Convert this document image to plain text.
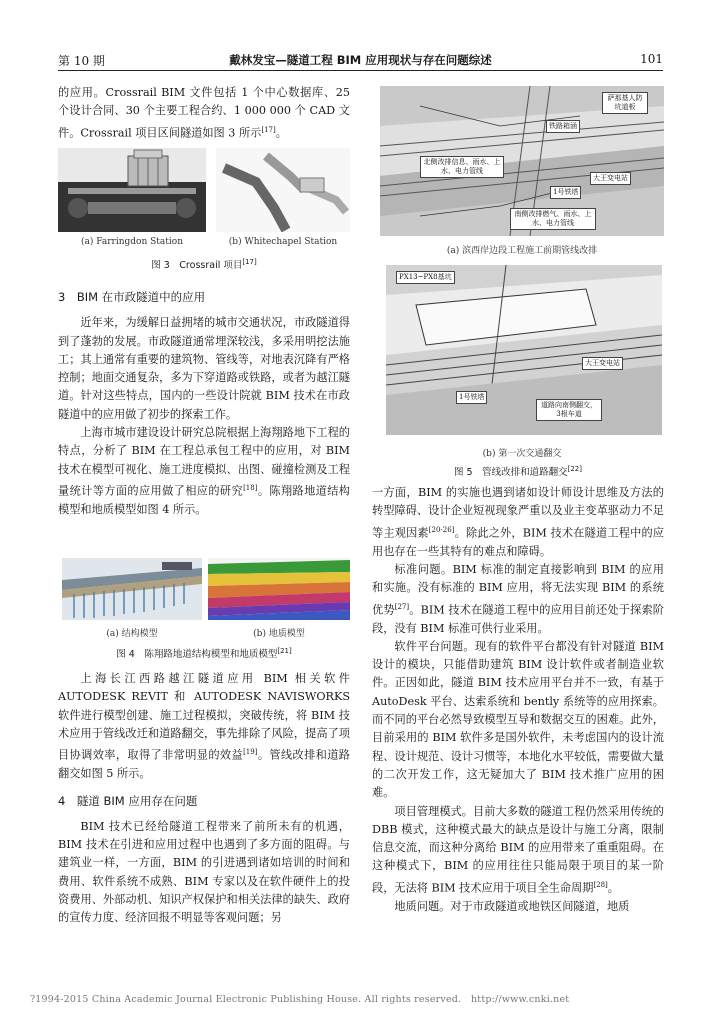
第 10 期	戴林发宝—隧道工程 BIM 应用现状与存在问题综述	101

的应用。Crossrail BIM 文件包括 1 个中心数据库、25 个设计合同、30 个主要工程合约、1 000 000 个 CAD 文件。Crossrail 项目区间隧道如图 3 所示[17]。

(a) Farringdon Station	(b) Whitechapel Station
图 3　Crossrail 项目[17]

3　BIM 在市政隧道中的应用

近年来，为缓解日益拥堵的城市交通状况，市政隧道得到了蓬勃的发展。市政隧道通常埋深较浅，多采用明挖法施工；其上通常有重要的建筑物、管线等，对地表沉降有严格控制；地面交通复杂，多为下穿道路或铁路，或者为越江隧道。针对这些特点，国内的一些设计院就 BIM 技术在市政隧道中的应用做了初步的探索工作。

上海市城市建设设计研究总院根据上海翔路地下工程的特点，分析了 BIM 在工程总承包工程中的应用，对 BIM 技术在模型可视化、施工进度模拟、出图、碰撞检测及工程量统计等方面的应用做了相应的研究[18]。陈翔路地道结构模型和地质模型如图 4 所示。

(a) 结构模型	(b) 地质模型
图 4　陈翔路地道结构模型和地质模型[21]

上海长江西路越江隧道应用 BIM 相关软件 AUTODESK REVIT 和 AUTODESK NAVISWORKS 软件进行模型创建、施工过程模拟，突破传统，将 BIM 技术应用于管线改迁和道路翻交，事先排除了风险，提高了项目协调效率，取得了非常明显的效益[19]。管线改排和道路翻交如图 5 所示。

4　隧道 BIM 应用存在问题

BIM 技术已经给隧道工程带来了前所未有的机遇，BIM 技术在引进和应用过程中也遇到了多方面的阻碍。与建筑业一样，一方面，BIM 的引进遇到诸如培训的时间和费用、软件系统不成熟、BIM 专家以及在软件硬件上的投资费用、外部动机、知识产权保护和相关法律的缺失、政府的宣传力度、经济回报不明显等客观问题；另

铁路箱涵
北侧改排信息、雨水、上水、电力管线
1号铁塔
南侧改排燃气、雨水、上水、电力管线
大王变电站
萨那基人防
坑道板
(a) 滨西岸边段工程施工前期管线改排
PX13~PX8基坑
大王变电站
1号铁塔
道路向南侧翻交，3根车道
(b) 第一次交通翻交
图 5　管线改排和道路翻交[22]

一方面，BIM 的实施也遇到诸如设计师设计思维及方法的转型障碍、设计企业短视现象严重以及业主变革驱动力不足等主观因素[20-26]。除此之外，BIM 技术在隧道工程中的应用也存在一些其特有的难点和障碍。

标准问题。BIM 标准的制定直接影响到 BIM 的应用和实施。没有标准的 BIM 应用，将无法实现 BIM 的系统优势[27]。BIM 技术在隧道工程中的应用目前还处于探索阶段，没有 BIM 标准可供行业采用。

软件平台问题。现有的软件平台都没有针对隧道 BIM 设计的模块，只能借助建筑 BIM 设计软件或者制造业软件。正因如此，隧道 BIM 技术应用平台并不一致，有基于 AutoDesk 平台、达索系统和 bently 系统等的应用探索。而不同的平台必然导致模型互导和数据交互的困难。此外，目前采用的 BIM 软件多是国外软件，未考虑国内的设计流程、设计规范、设计习惯等，本地化水平较低，需要做大量的二次开发工作，这无疑加大了 BIM 技术推广应用的困难。

项目管理模式。目前大多数的隧道工程仍然采用传统的 DBB 模式，这种模式最大的缺点是设计与施工分离，限制信息交流，而这种分离给 BIM 的应用带来了重重阻碍。在这种模式下，BIM 的应用往往只能局限于项目的某一阶段，无法将 BIM 技术应用于项目全生命周期[28]。

地质问题。对于市政隧道或地铁区间隧道，地质

?1994-2015 China Academic Journal Electronic Publishing House. All rights reserved.　http://www.cnki.net
